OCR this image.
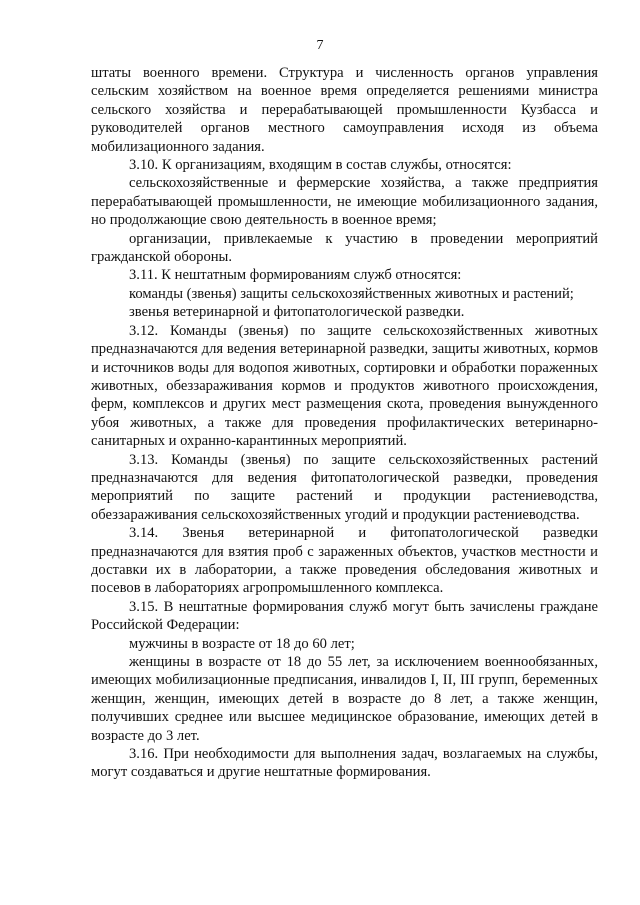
7

штаты военного времени. Структура и численность органов управления сельским хозяйством на военное время определяется решениями министра сельского хозяйства и перерабатывающей промышленности Кузбасса и руководителей органов местного самоуправления исходя из объема мобилизационного задания.

3.10. К организациям, входящим в состав службы, относятся:

сельскохозяйственные и фермерские хозяйства, а также предприятия перерабатывающей промышленности, не имеющие мобилизационного задания, но продолжающие свою деятельность в военное время;

организации, привлекаемые к участию в проведении мероприятий гражданской обороны.

3.11. К нештатным формированиям служб относятся:

команды (звенья) защиты сельскохозяйственных животных и растений;

звенья ветеринарной и фитопатологической разведки.

3.12. Команды (звенья) по защите сельскохозяйственных животных предназначаются для ведения ветеринарной разведки, защиты животных, кормов и источников воды для водопоя животных, сортировки и обработки пораженных животных, обеззараживания кормов и продуктов животного происхождения, ферм, комплексов и других мест размещения скота, проведения вынужденного убоя животных, а также для проведения профилактических ветеринарно-санитарных и охранно-карантинных мероприятий.

3.13. Команды (звенья) по защите сельскохозяйственных растений предназначаются для ведения фитопатологической разведки, проведения мероприятий по защите растений и продукции растениеводства, обеззараживания сельскохозяйственных угодий и продукции растениеводства.

3.14. Звенья ветеринарной и фитопатологической разведки предназначаются для взятия проб с зараженных объектов, участков местности и доставки их в лаборатории, а также проведения обследования животных и посевов в лабораториях агропромышленного комплекса.

3.15. В нештатные формирования служб могут быть зачислены граждане Российской Федерации:

мужчины в возрасте от 18 до 60 лет;

женщины в возрасте от 18 до 55 лет, за исключением военнообязанных, имеющих мобилизационные предписания, инвалидов I, II, III групп, беременных женщин, женщин, имеющих детей в возрасте до 8 лет, а также женщин, получивших среднее или высшее медицинское образование, имеющих детей в возрасте до 3 лет.

3.16. При необходимости для выполнения задач, возлагаемых на службы, могут создаваться и другие нештатные формирования.
